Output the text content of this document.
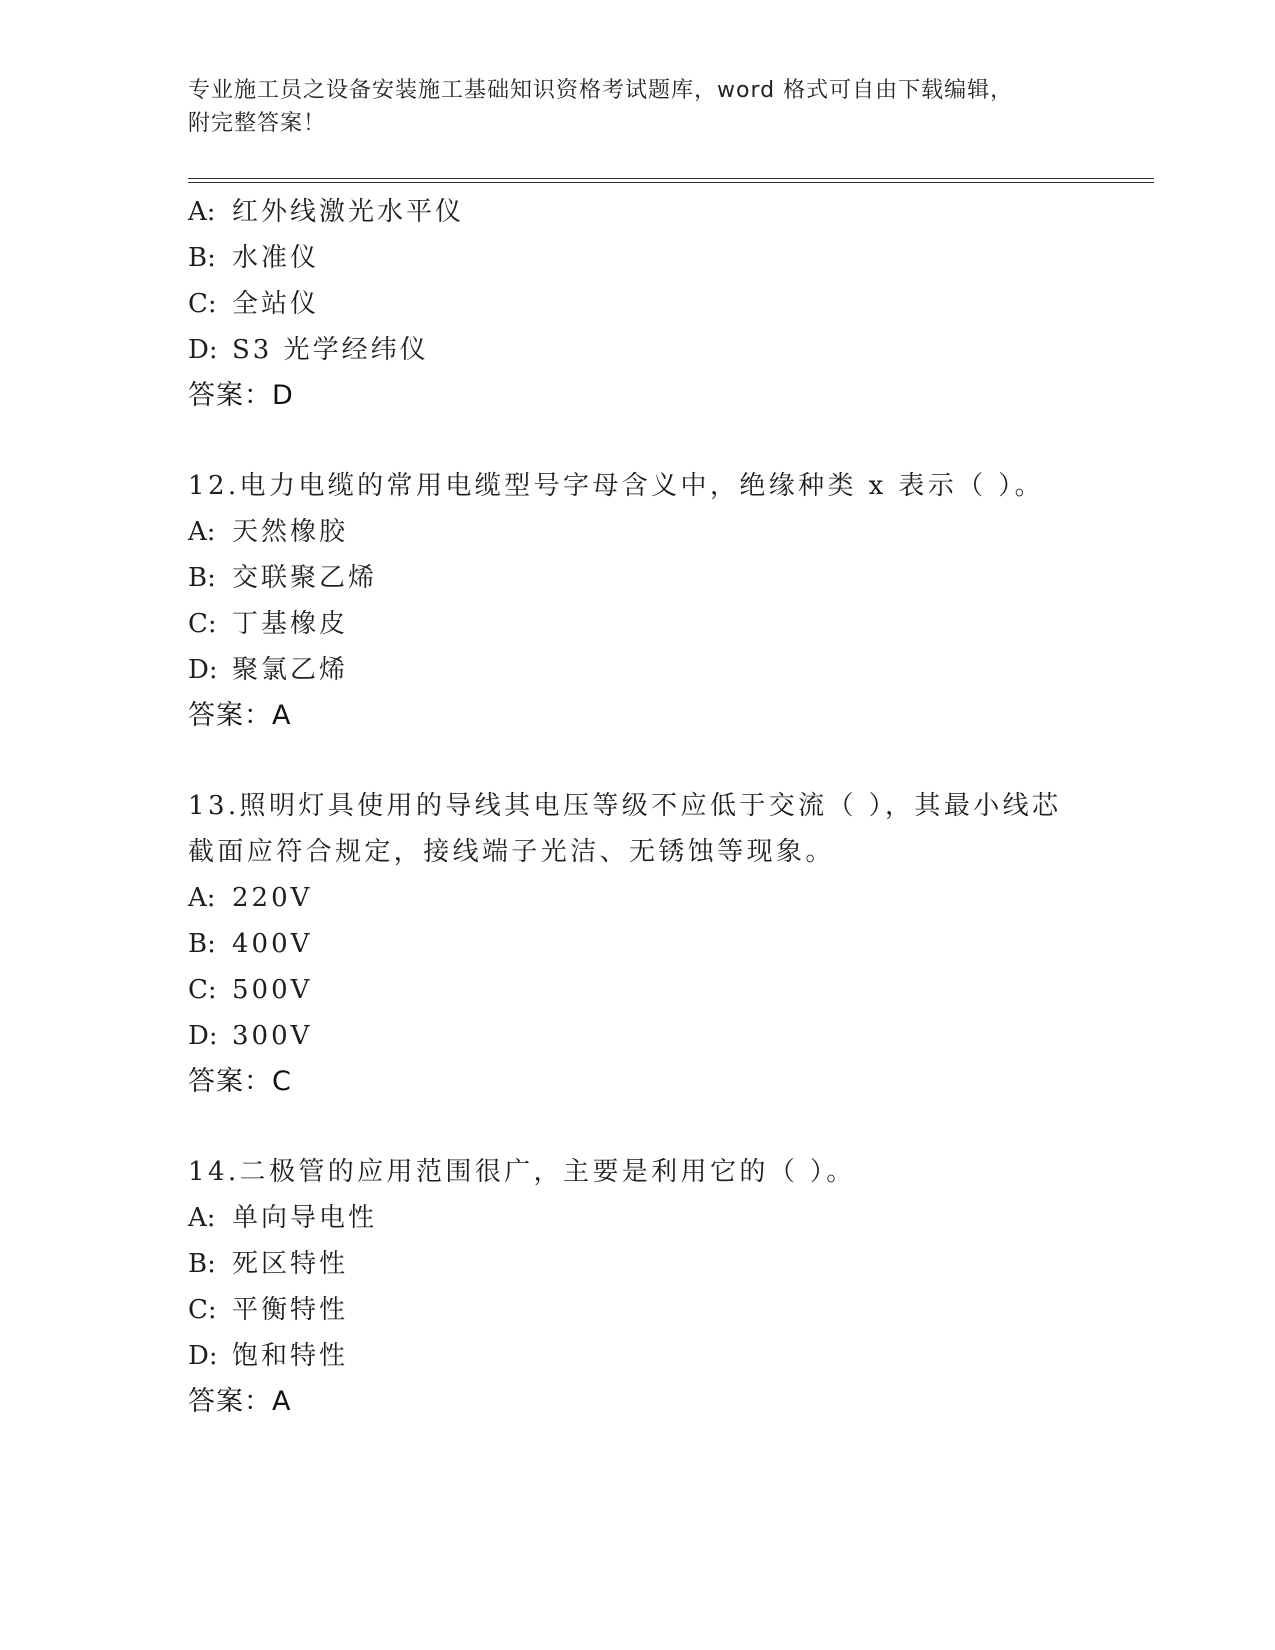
专业施工员之设备安装施工基础知识资格考试题库，word 格式可自由下载编辑，
附完整答案！
A: 红外线激光水平仪
B: 水准仪
C: 全站仪
D: S3 光学经纬仪
答案：D
12.电力电缆的常用电缆型号字母含义中，绝缘种类 x 表示（ ）。
A: 天然橡胶
B: 交联聚乙烯
C: 丁基橡皮
D: 聚氯乙烯
答案：A
13.照明灯具使用的导线其电压等级不应低于交流（ ），其最小线芯截面应符合规定，接线端子光洁、无锈蚀等现象。
A: 220V
B: 400V
C: 500V
D: 300V
答案：C
14.二极管的应用范围很广，主要是利用它的（ ）。
A: 单向导电性
B: 死区特性
C: 平衡特性
D: 饱和特性
答案：A
